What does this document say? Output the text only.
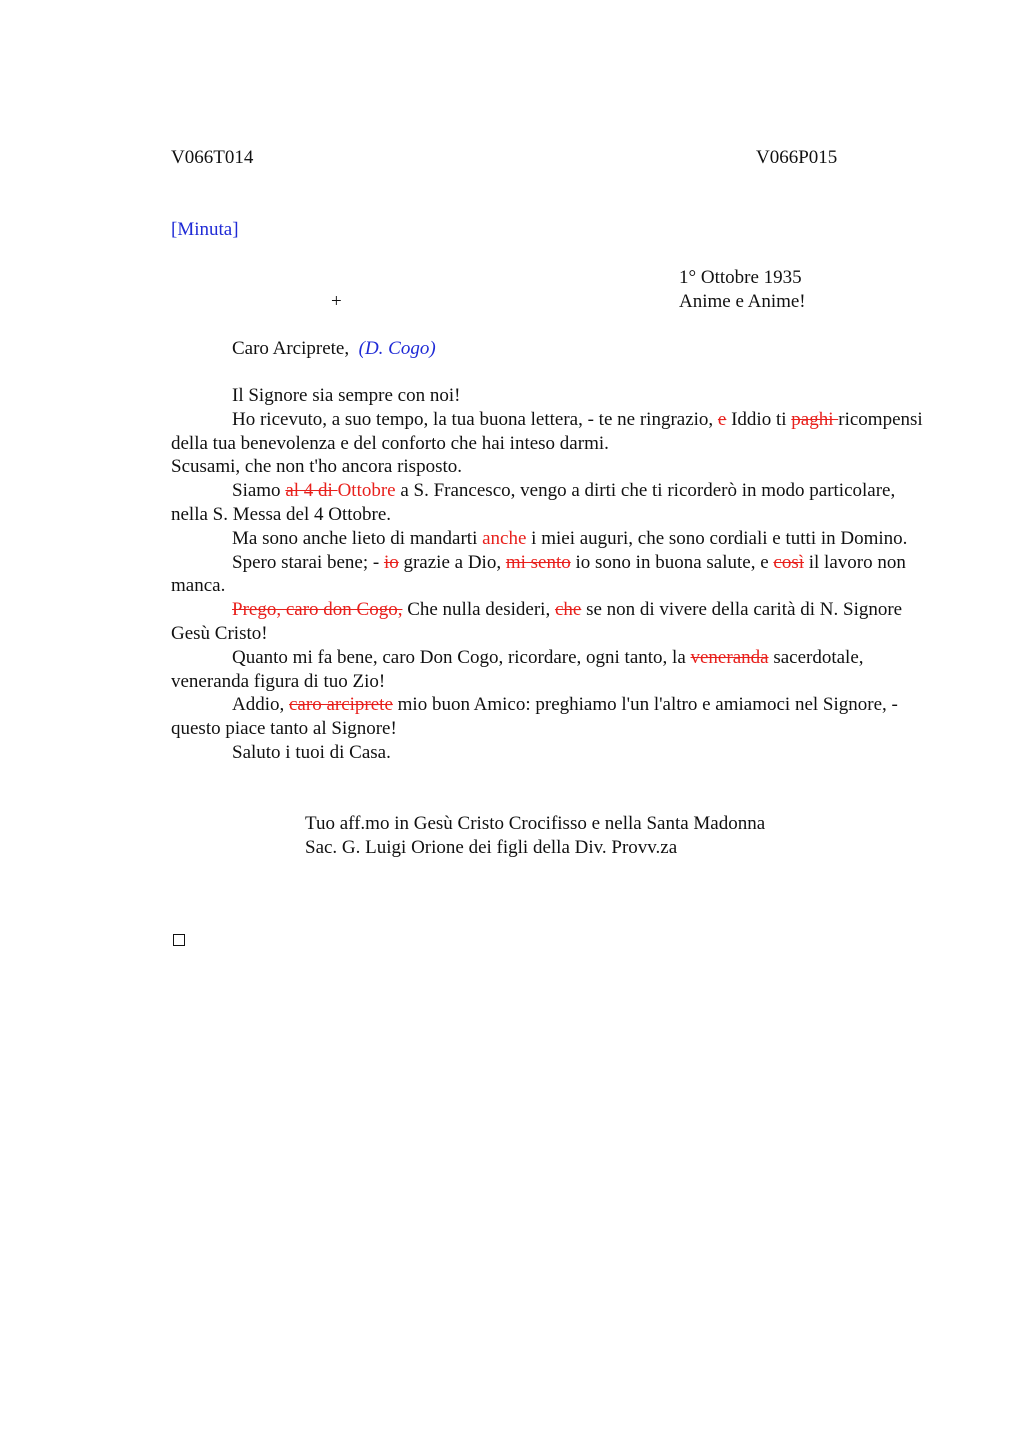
V066T014	V066P015
[Minuta]
1° Ottobre 1935
+	Anime e Anime!
Caro Arciprete, (D. Cogo)

Il Signore sia sempre con noi!

Ho ricevuto, a suo tempo, la tua buona lettera, - te ne ringrazio, e Iddio ti paghi ricompensi della tua benevolenza e del conforto che hai inteso darmi.

Scusami, che non t'ho ancora risposto.

Siamo al 4 di Ottobre a S. Francesco, vengo a dirti che ti ricorderò in modo particolare, nella S. Messa del 4 Ottobre.

Ma sono anche lieto di mandarti anche i miei auguri, che sono cordiali e tutti in Domino.

Spero starai bene; - io grazie a Dio, mi sento io sono in buona salute, e così il lavoro non manca.

Prego, caro don Cogo, Che nulla desideri, che se non di vivere della carità di N. Signore Gesù Cristo!

Quanto mi fa bene, caro Don Cogo, ricordare, ogni tanto, la veneranda sacerdotale, veneranda figura di tuo Zio!

Addio, caro arciprete mio buon Amico: preghiamo l'un l'altro e amiamoci nel Signore, - questo piace tanto al Signore!

Saluto i tuoi di Casa.

Tuo aff.mo in Gesù Cristo Crocifisso e nella Santa Madonna
Sac. G. Luigi Orione dei figli della Div. Provv.za
